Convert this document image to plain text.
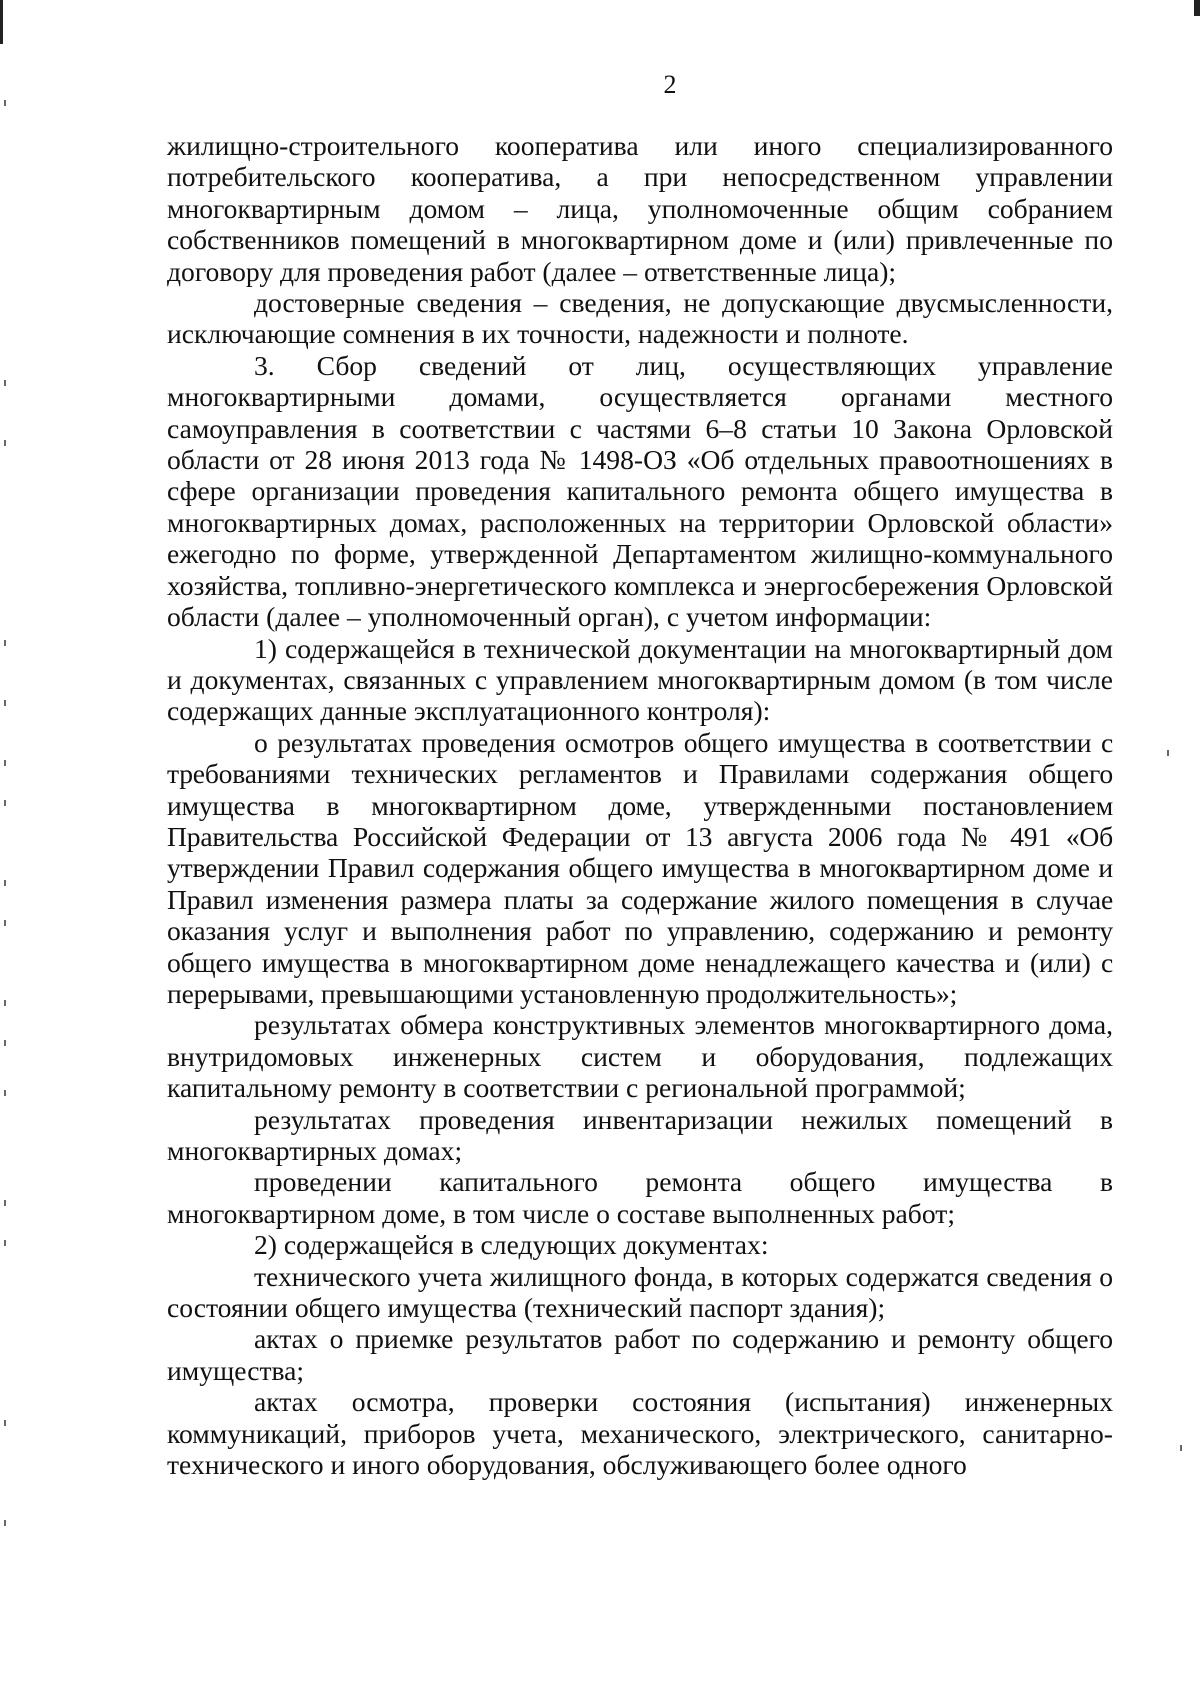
2

жилищно-строительного кооператива или иного специализированного потребительского кооператива, а при непосредственном управлении многоквартирным домом – лица, уполномоченные общим собранием собственников помещений в многоквартирном доме и (или) привлеченные по договору для проведения работ (далее – ответственные лица);

достоверные сведения – сведения, не допускающие двусмысленности, исключающие сомнения в их точности, надежности и полноте.

3. Сбор сведений от лиц, осуществляющих управление многоквартирными домами, осуществляется органами местного самоуправления в соответствии с частями 6–8 статьи 10 Закона Орловской области от 28 июня 2013 года № 1498-ОЗ «Об отдельных правоотношениях в сфере организации проведения капитального ремонта общего имущества в многоквартирных домах, расположенных на территории Орловской области» ежегодно по форме, утвержденной Департаментом жилищно-коммунального хозяйства, топливно-энергетического комплекса и энергосбережения Орловской области (далее – уполномоченный орган), с учетом информации:

1) содержащейся в технической документации на многоквартирный дом и документах, связанных с управлением многоквартирным домом (в том числе содержащих данные эксплуатационного контроля):

о результатах проведения осмотров общего имущества в соответствии с требованиями технических регламентов и Правилами содержания общего имущества в многоквартирном доме, утвержденными постановлением Правительства Российской Федерации от 13 августа 2006 года № 491 «Об утверждении Правил содержания общего имущества в многоквартирном доме и Правил изменения размера платы за содержание жилого помещения в случае оказания услуг и выполнения работ по управлению, содержанию и ремонту общего имущества в многоквартирном доме ненадлежащего качества и (или) с перерывами, превышающими установленную продолжительность»;

результатах обмера конструктивных элементов многоквартирного дома, внутридомовых инженерных систем и оборудования, подлежащих капитальному ремонту в соответствии с региональной программой;

результатах проведения инвентаризации нежилых помещений в многоквартирных домах;

проведении капитального ремонта общего имущества в многоквартирном доме, в том числе о составе выполненных работ;

2) содержащейся в следующих документах:

технического учета жилищного фонда, в которых содержатся сведения о состоянии общего имущества (технический паспорт здания);

актах о приемке результатов работ по содержанию и ремонту общего имущества;

актах осмотра, проверки состояния (испытания) инженерных коммуникаций, приборов учета, механического, электрического, санитарно-технического и иного оборудования, обслуживающего более одного
